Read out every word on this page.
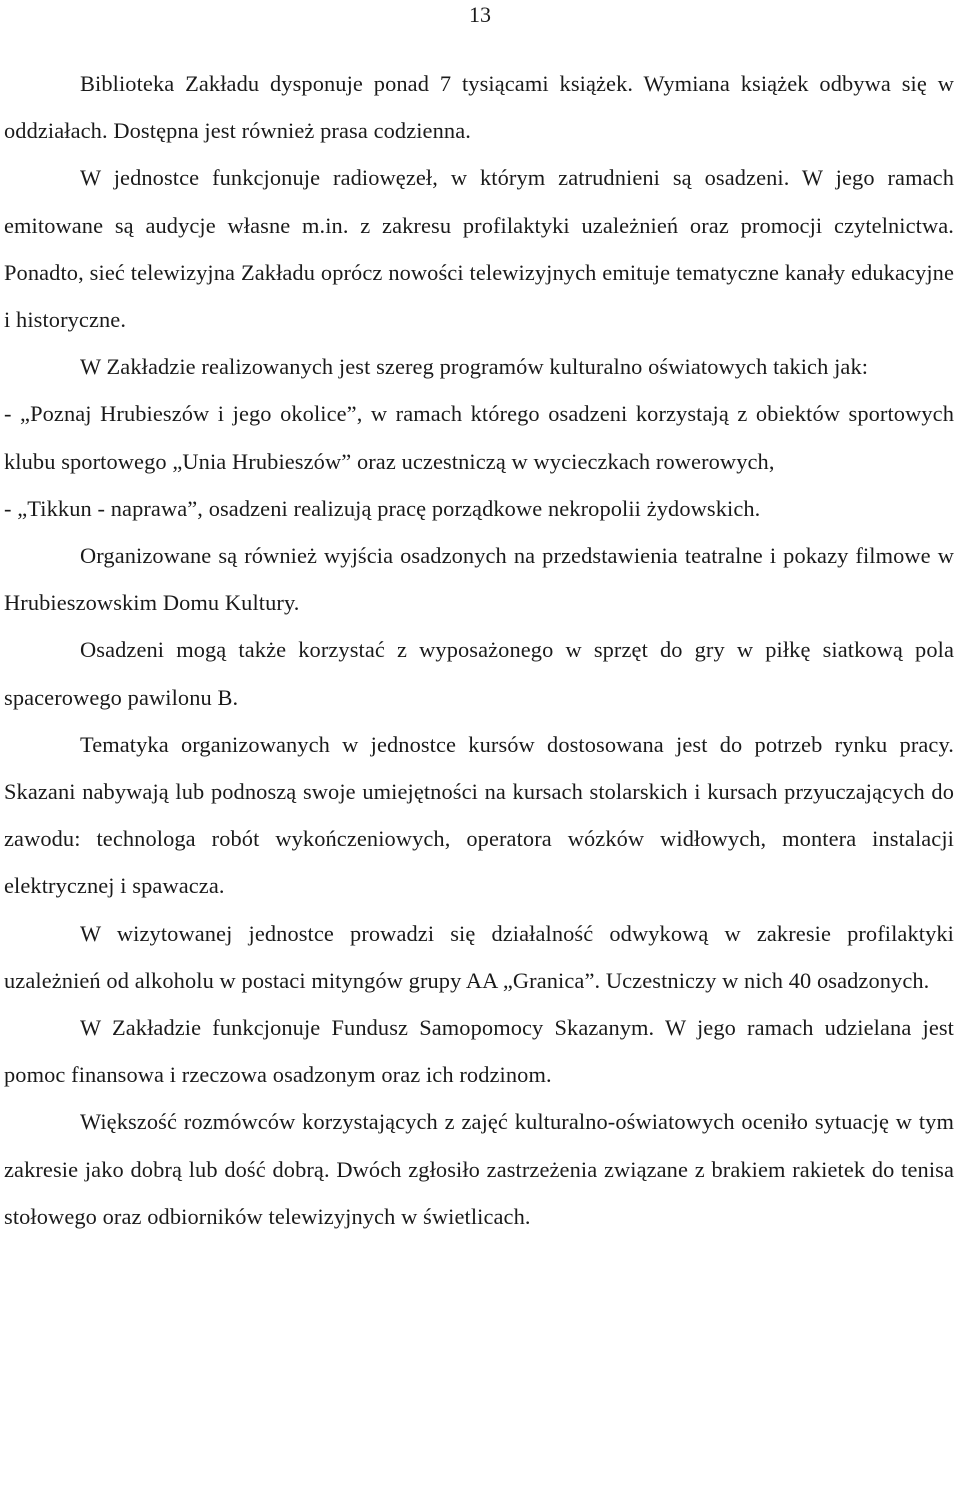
13

Biblioteka Zakładu dysponuje ponad 7 tysiącami książek. Wymiana książek odbywa się w oddziałach. Dostępna jest również prasa codzienna.

W jednostce funkcjonuje radiowęzeł, w którym zatrudnieni są osadzeni. W jego ramach emitowane są audycje własne m.in. z zakresu profilaktyki uzależnień oraz promocji czytelnictwa. Ponadto, sieć telewizyjna Zakładu oprócz nowości telewizyjnych emituje tematyczne kanały edukacyjne i historyczne.

W Zakładzie realizowanych jest szereg programów kulturalno oświatowych takich jak:

- „Poznaj Hrubieszów i jego okolice”, w ramach którego osadzeni korzystają z obiektów sportowych klubu sportowego „Unia Hrubieszów” oraz uczestniczą w wycieczkach rowerowych,

- „Tikkun - naprawa”, osadzeni realizują pracę porządkowe nekropolii żydowskich.

Organizowane są również wyjścia osadzonych na przedstawienia teatralne i pokazy filmowe w Hrubieszowskim Domu Kultury.

Osadzeni mogą także korzystać z wyposażonego w sprzęt do gry w piłkę siatkową pola spacerowego pawilonu B.

Tematyka organizowanych w jednostce kursów dostosowana jest do potrzeb rynku pracy. Skazani nabywają lub podnoszą swoje umiejętności na kursach stolarskich i kursach przyuczających do zawodu: technologa robót wykończeniowych, operatora wózków widłowych, montera instalacji elektrycznej i spawacza.

W wizytowanej jednostce prowadzi się działalność odwykową w zakresie profilaktyki uzależnień od alkoholu w postaci mityngów grupy AA „Granica”. Uczestniczy w nich 40 osadzonych.

W Zakładzie funkcjonuje Fundusz Samopomocy Skazanym. W jego ramach udzielana jest pomoc finansowa i rzeczowa osadzonym oraz ich rodzinom.

Większość rozmówców korzystających z zajęć kulturalno-oświatowych oceniło sytuację w tym zakresie jako dobrą lub dość dobrą. Dwóch zgłosiło zastrzeżenia związane z brakiem rakietek do tenisa stołowego oraz odbiorników telewizyjnych w świetlicach.
